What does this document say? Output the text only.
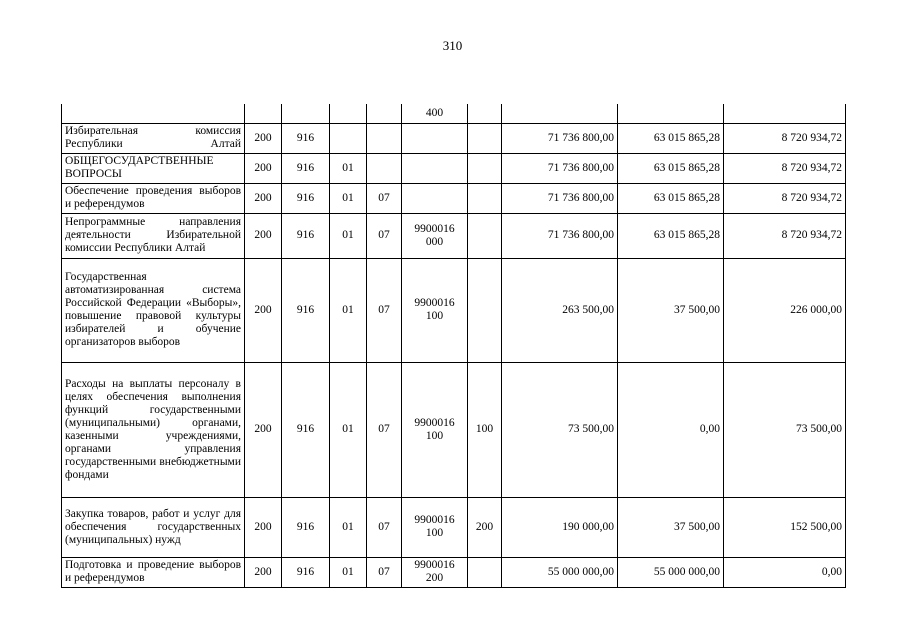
310
					400				
Избирательная комиссия Республики Алтай	200	916					71 736 800,00	63 015 865,28	8 720 934,72
ОБЩЕГОСУДАРСТВЕННЫЕ ВОПРОСЫ	200	916	01				71 736 800,00	63 015 865,28	8 720 934,72
Обеспечение проведения выборов и референдумов	200	916	01	07			71 736 800,00	63 015 865,28	8 720 934,72
Непрограммные направления деятельности Избирательной комиссии Республики Алтай	200	916	01	07	9900016 000		71 736 800,00	63 015 865,28	8 720 934,72
Государственная автоматизированная система Российской Федерации «Выборы», повышение правовой культуры избирателей и обучение организаторов выборов	200	916	01	07	9900016 100		263 500,00	37 500,00	226 000,00
Расходы на выплаты персоналу в целях обеспечения выполнения функций государственными (муниципальными) органами, казенными учреждениями, органами управления государственными внебюджетными фондами	200	916	01	07	9900016 100	100	73 500,00	0,00	73 500,00
Закупка товаров, работ и услуг для обеспечения государственных (муниципальных) нужд	200	916	01	07	9900016 100	200	190 000,00	37 500,00	152 500,00
Подготовка и проведение выборов и референдумов	200	916	01	07	9900016 200		55 000 000,00	55 000 000,00	0,00
